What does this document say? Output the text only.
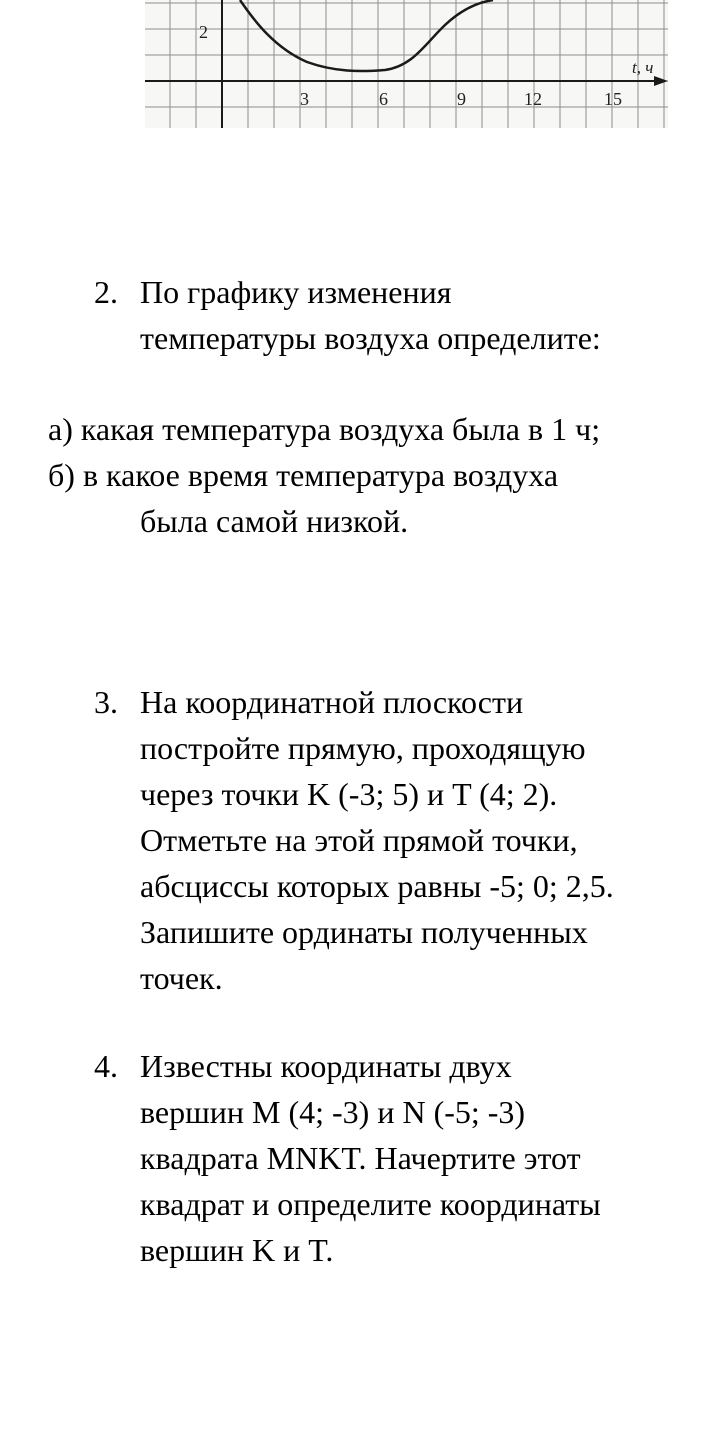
2
3	6	9	12	15
t, ч
2. По графику изменения
температуры воздуха определите:
а) какая температура воздуха была в 1 ч;
б) в какое время температура воздуха
была самой низкой.
3. На координатной плоскости
постройте прямую, проходящую
через точки K (-3; 5) и T (4; 2).
Отметьте на этой прямой точки,
абсциссы которых равны -5; 0; 2,5.
Запишите ординаты полученных
точек.
4. Известны координаты двух
вершин M (4; -3) и N (-5; -3)
квадрата MNKT. Начертите этот
квадрат и определите координаты
вершин K и T.
